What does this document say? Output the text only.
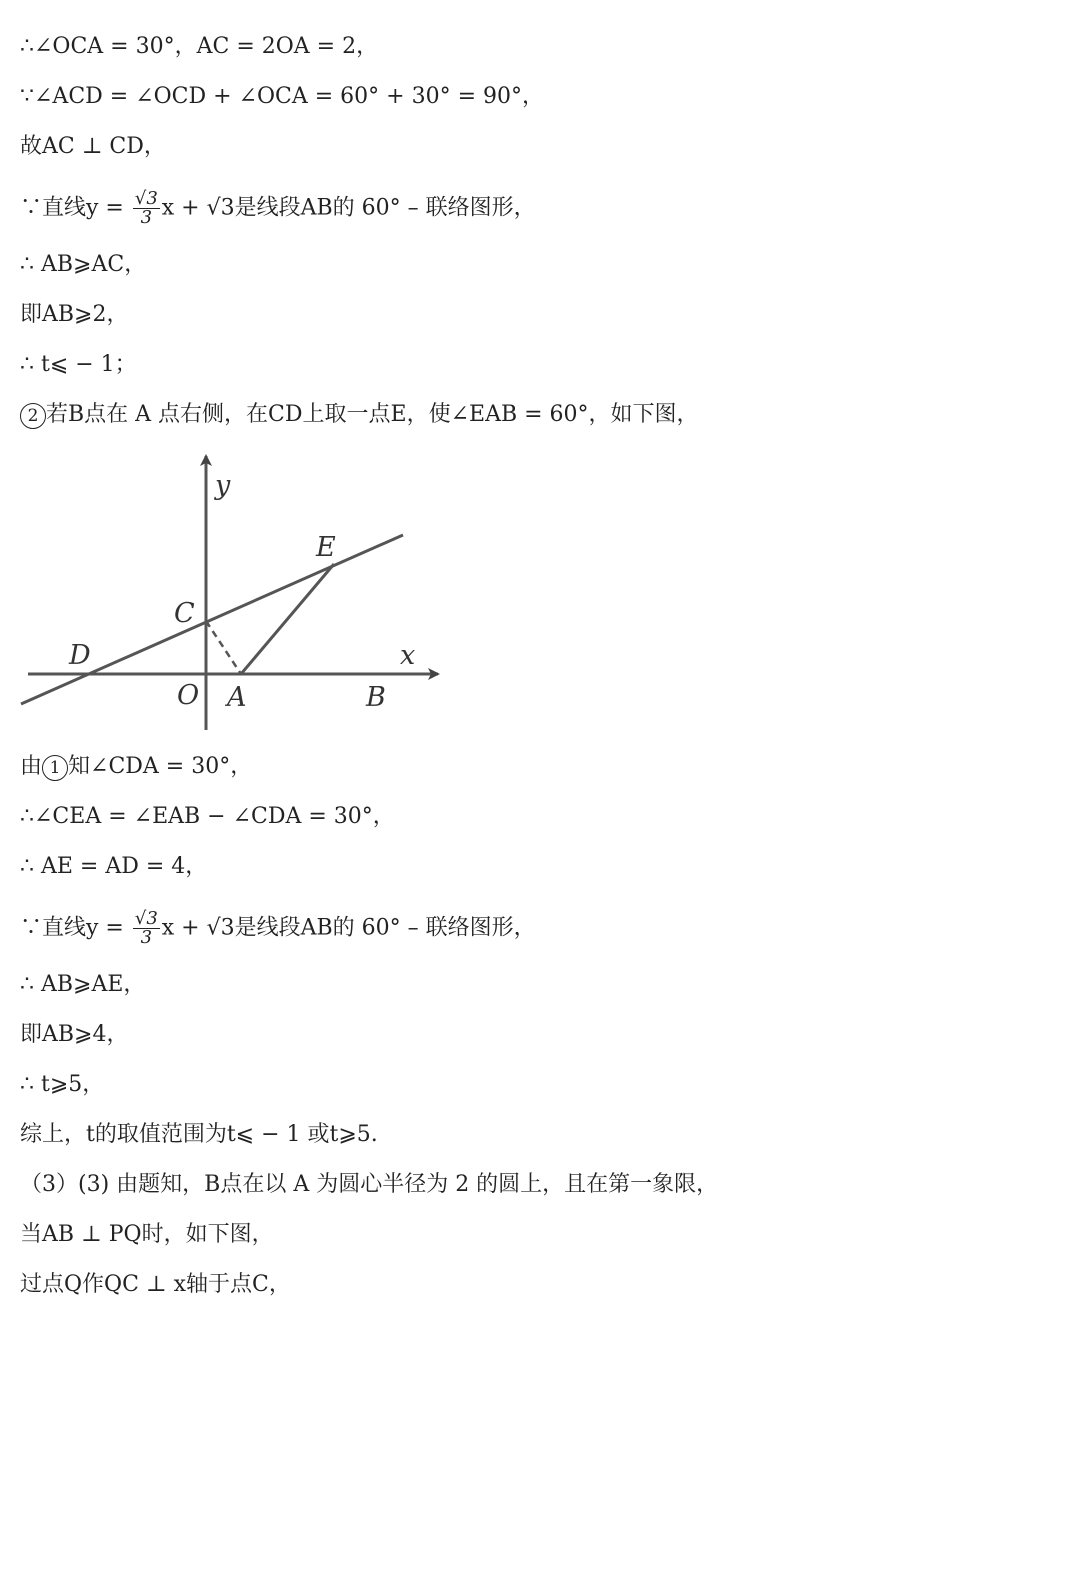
∴∠OCA = 30°，AC = 2OA = 2，
∵∠ACD = ∠OCD + ∠OCA = 60° + 30° = 90°，
故AC ⊥ CD，
∵直线$y = \frac{√3}{3}$ x + √3是线段AB的 60° – 联络图形，
∴ AB⩾AC，
即AB⩾2，
∴ t⩽ − 1；
2 若B点在 A 点右侧，在CD上取一点E，使∠EAB = 60°，如下图，
y
E
C
D	x
O A	B
由 1 知∠CDA = 30°，
∴∠CEA = ∠EAB − ∠CDA = 30°，
∴ AE = AD = 4，
∵直线$y = \frac{√3}{3}$ x + √3是线段AB的 60° – 联络图形，
∴ AB⩾AE，
即AB⩾4，
∴ t⩾5，
综上，t的取值范围为t⩽ − 1 或t⩾5.
（3）(3) 由题知，B点在以 A 为圆心半径为 2 的圆上，且在第一象限，
当AB ⊥ PQ时，如下图，
过点Q作QC ⊥ x轴于点C，
